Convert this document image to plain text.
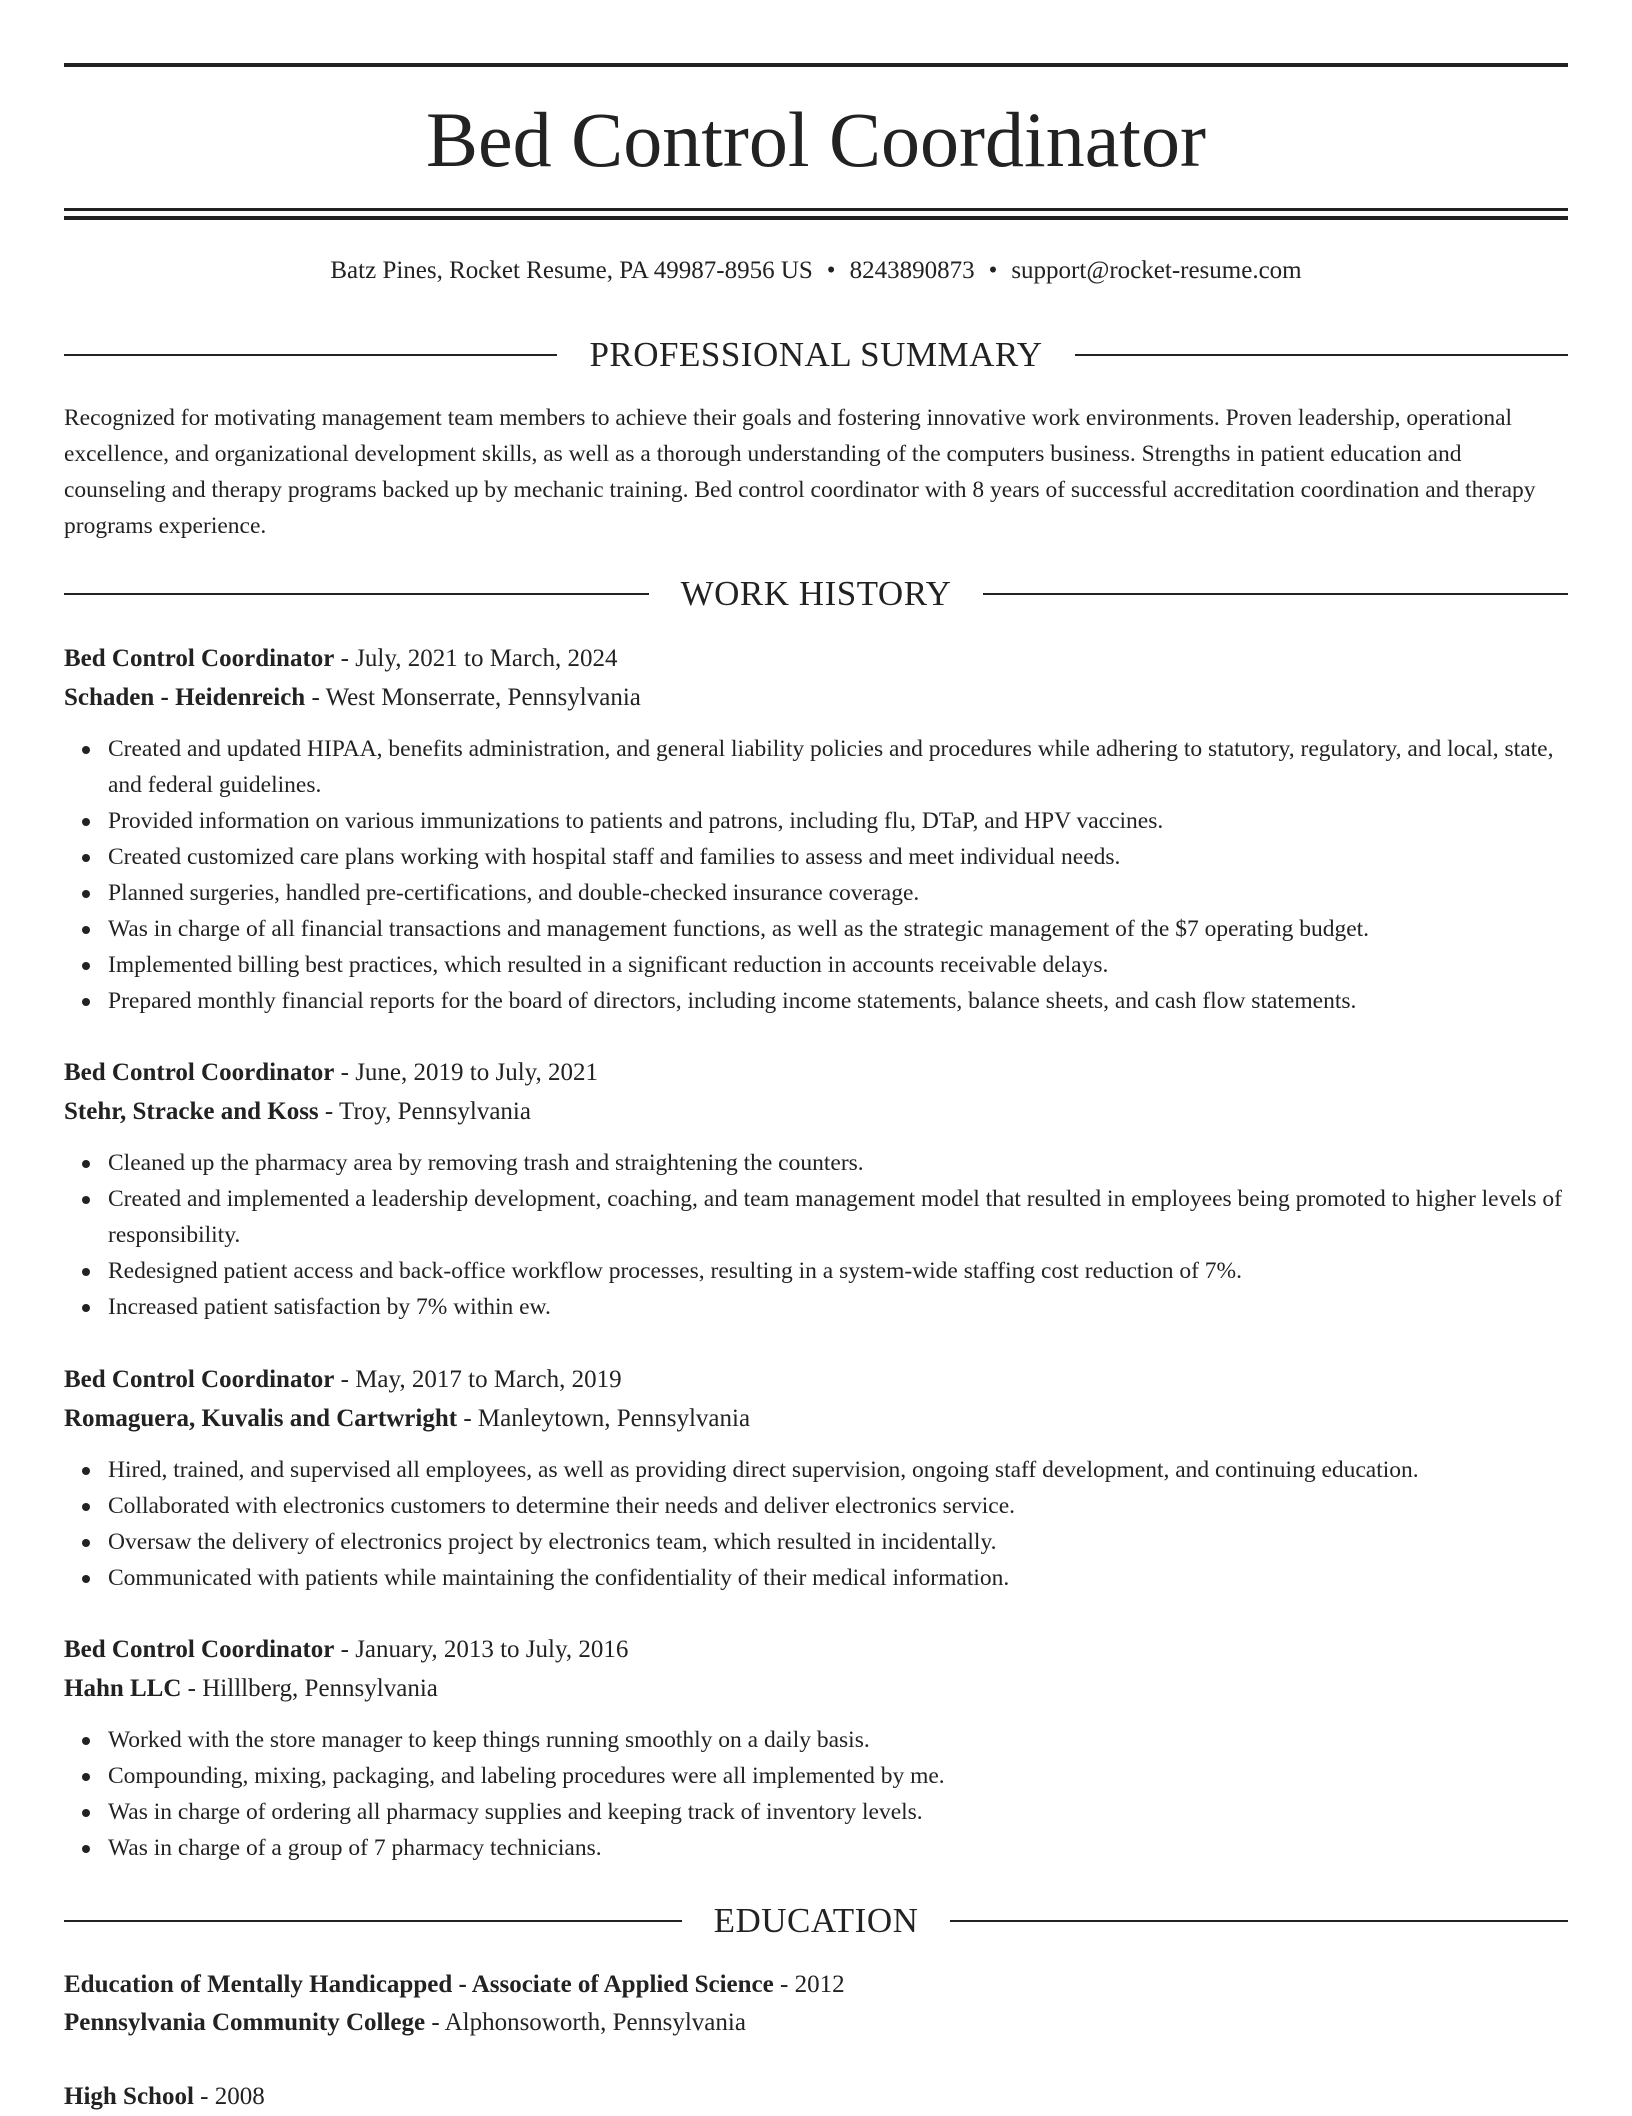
Bed Control Coordinator
Batz Pines, Rocket Resume, PA 49987-8956 US • 8243890873 • support@rocket-resume.com
PROFESSIONAL SUMMARY

Recognized for motivating management team members to achieve their goals and fostering innovative work environments. Proven leadership, operational excellence, and organizational development skills, as well as a thorough understanding of the computers business. Strengths in patient education and counseling and therapy programs backed up by mechanic training. Bed control coordinator with 8 years of successful accreditation coordination and therapy programs experience.

WORK HISTORY
Bed Control Coordinator - July, 2021 to March, 2024
Schaden - Heidenreich - West Monserrate, Pennsylvania
Created and updated HIPAA, benefits administration, and general liability policies and procedures while adhering to statutory, regulatory, and local, state, and federal guidelines.
Provided information on various immunizations to patients and patrons, including flu, DTaP, and HPV vaccines.
Created customized care plans working with hospital staff and families to assess and meet individual needs.
Planned surgeries, handled pre-certifications, and double-checked insurance coverage.
Was in charge of all financial transactions and management functions, as well as the strategic management of the $7 operating budget.
Implemented billing best practices, which resulted in a significant reduction in accounts receivable delays.
Prepared monthly financial reports for the board of directors, including income statements, balance sheets, and cash flow statements.
Bed Control Coordinator - June, 2019 to July, 2021
Stehr, Stracke and Koss - Troy, Pennsylvania
Cleaned up the pharmacy area by removing trash and straightening the counters.
Created and implemented a leadership development, coaching, and team management model that resulted in employees being promoted to higher levels of responsibility.
Redesigned patient access and back-office workflow processes, resulting in a system-wide staffing cost reduction of 7%.
Increased patient satisfaction by 7% within ew.
Bed Control Coordinator - May, 2017 to March, 2019
Romaguera, Kuvalis and Cartwright - Manleytown, Pennsylvania
Hired, trained, and supervised all employees, as well as providing direct supervision, ongoing staff development, and continuing education.
Collaborated with electronics customers to determine their needs and deliver electronics service.
Oversaw the delivery of electronics project by electronics team, which resulted in incidentally.
Communicated with patients while maintaining the confidentiality of their medical information.
Bed Control Coordinator - January, 2013 to July, 2016
Hahn LLC - Hilllberg, Pennsylvania
Worked with the store manager to keep things running smoothly on a daily basis.
Compounding, mixing, packaging, and labeling procedures were all implemented by me.
Was in charge of ordering all pharmacy supplies and keeping track of inventory levels.
Was in charge of a group of 7 pharmacy technicians.
EDUCATION
Education of Mentally Handicapped - Associate of Applied Science - 2012
Pennsylvania Community College - Alphonsoworth, Pennsylvania
High School - 2008
